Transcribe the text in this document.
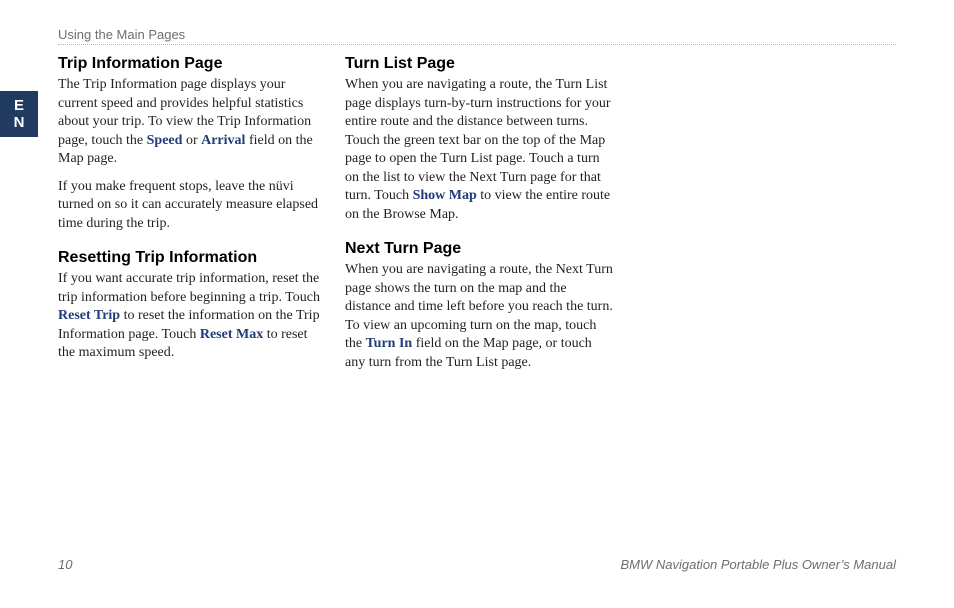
Using the Main Pages
E
N
Trip Information Page

The Trip Information page displays your current speed and provides helpful statistics about your trip. To view the Trip Information page, touch the Speed or Arrival field on the Map page.

If you make frequent stops, leave the nüvi turned on so it can accurately measure elapsed time during the trip.

Resetting Trip Information

If you want accurate trip information, reset the trip information before beginning a trip. Touch Reset Trip to reset the information on the Trip Information page. Touch Reset Max to reset the maximum speed.

Turn List Page

When you are navigating a route, the Turn List page displays turn-by-turn instructions for your entire route and the distance between turns. Touch the green text bar on the top of the Map page to open the Turn List page. Touch a turn on the list to view the Next Turn page for that turn. Touch Show Map to view the entire route on the Browse Map.

Next Turn Page

When you are navigating a route, the Next Turn page shows the turn on the map and the distance and time left before you reach the turn. To view an upcoming turn on the map, touch the Turn In field on the Map page, or touch any turn from the Turn List page.

10	BMW Navigation Portable Plus Owner’s Manual
